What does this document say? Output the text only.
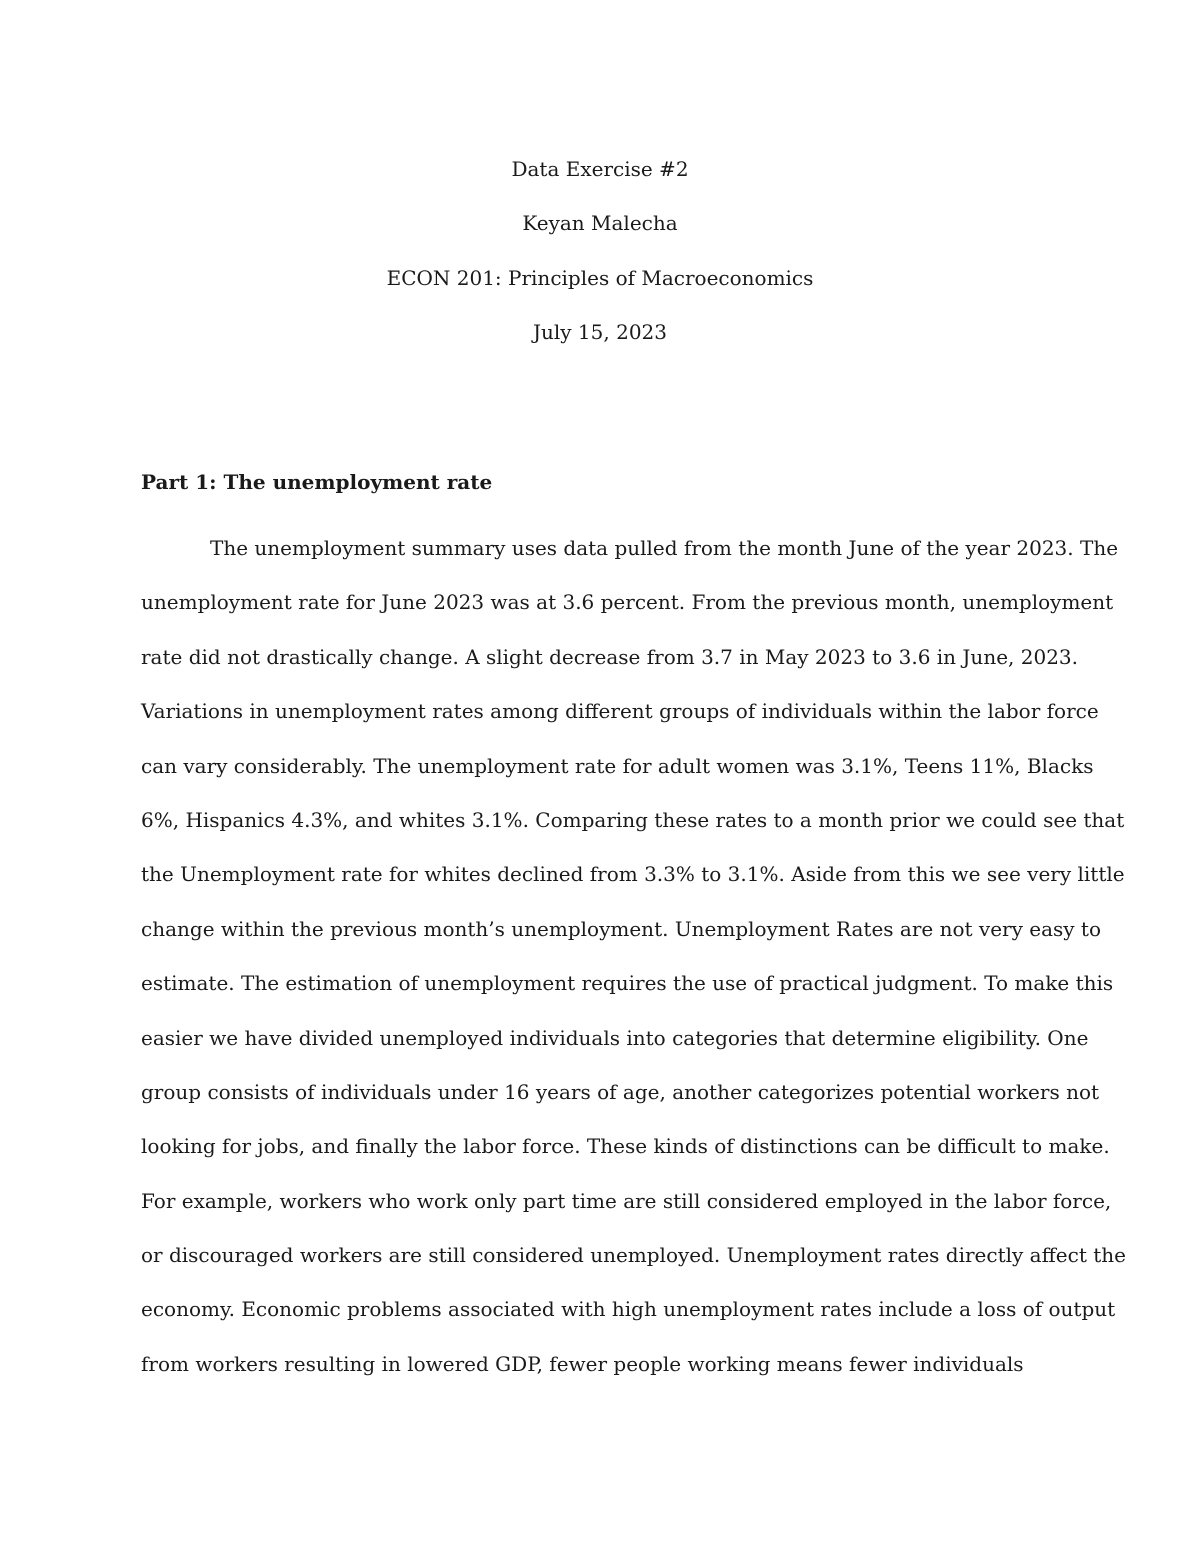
Data Exercise #2
Keyan Malecha
ECON 201: Principles of Macroeconomics
July 15, 2023
Part 1: The unemployment rate
The unemployment summary uses data pulled from the month June of the year 2023. The
unemployment rate for June 2023 was at 3.6 percent. From the previous month, unemployment
rate did not drastically change. A slight decrease from 3.7 in May 2023 to 3.6 in June, 2023.
Variations in unemployment rates among different groups of individuals within the labor force
can vary considerably. The unemployment rate for adult women was 3.1%, Teens 11%, Blacks
6%, Hispanics 4.3%, and whites 3.1%. Comparing these rates to a month prior we could see that
the Unemployment rate for whites declined from 3.3% to 3.1%. Aside from this we see very little
change within the previous month’s unemployment. Unemployment Rates are not very easy to
estimate. The estimation of unemployment requires the use of practical judgment. To make this
easier we have divided unemployed individuals into categories that determine eligibility. One
group consists of individuals under 16 years of age, another categorizes potential workers not
looking for jobs, and finally the labor force. These kinds of distinctions can be difficult to make.
For example, workers who work only part time are still considered employed in the labor force,
or discouraged workers are still considered unemployed. Unemployment rates directly affect the
economy. Economic problems associated with high unemployment rates include a loss of output
from workers resulting in lowered GDP, fewer people working means fewer individuals
